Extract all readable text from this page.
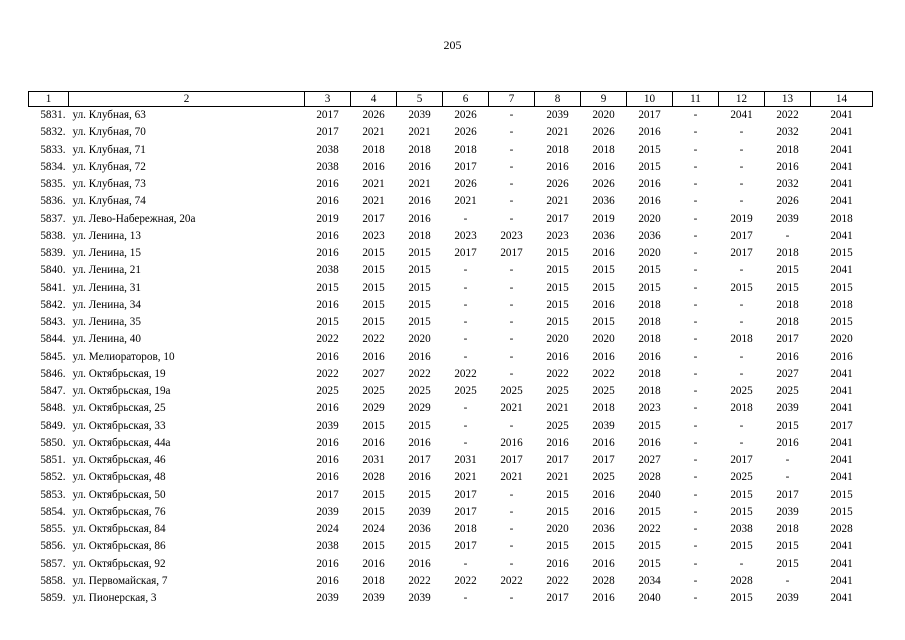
205
1	2	3	4	5	6	7	8	9	10	11	12	13	14
5831.	ул. Клубная, 63	2017	2026	2039	2026	-	2039	2020	2017	-	2041	2022	2041
5832.	ул. Клубная, 70	2017	2021	2021	2026	-	2021	2026	2016	-	-	2032	2041
5833.	ул. Клубная, 71	2038	2018	2018	2018	-	2018	2018	2015	-	-	2018	2041
5834.	ул. Клубная, 72	2038	2016	2016	2017	-	2016	2016	2015	-	-	2016	2041
5835.	ул. Клубная, 73	2016	2021	2021	2026	-	2026	2026	2016	-	-	2032	2041
5836.	ул. Клубная, 74	2016	2021	2016	2021	-	2021	2036	2016	-	-	2026	2041
5837.	ул. Лево-Набережная, 20а	2019	2017	2016	-	-	2017	2019	2020	-	2019	2039	2018
5838.	ул. Ленина, 13	2016	2023	2018	2023	2023	2023	2036	2036	-	2017	-	2041
5839.	ул. Ленина, 15	2016	2015	2015	2017	2017	2015	2016	2020	-	2017	2018	2015
5840.	ул. Ленина, 21	2038	2015	2015	-	-	2015	2015	2015	-	-	2015	2041
5841.	ул. Ленина, 31	2015	2015	2015	-	-	2015	2015	2015	-	2015	2015	2015
5842.	ул. Ленина, 34	2016	2015	2015	-	-	2015	2016	2018	-	-	2018	2018
5843.	ул. Ленина, 35	2015	2015	2015	-	-	2015	2015	2018	-	-	2018	2015
5844.	ул. Ленина, 40	2022	2022	2020	-	-	2020	2020	2018	-	2018	2017	2020
5845.	ул. Мелиораторов, 10	2016	2016	2016	-	-	2016	2016	2016	-	-	2016	2016
5846.	ул. Октябрьская, 19	2022	2027	2022	2022	-	2022	2022	2018	-	-	2027	2041
5847.	ул. Октябрьская, 19а	2025	2025	2025	2025	2025	2025	2025	2018	-	2025	2025	2041
5848.	ул. Октябрьская, 25	2016	2029	2029	-	2021	2021	2018	2023	-	2018	2039	2041
5849.	ул. Октябрьская, 33	2039	2015	2015	-	-	2025	2039	2015	-	-	2015	2017
5850.	ул. Октябрьская, 44а	2016	2016	2016	-	2016	2016	2016	2016	-	-	2016	2041
5851.	ул. Октябрьская, 46	2016	2031	2017	2031	2017	2017	2017	2027	-	2017	-	2041
5852.	ул. Октябрьская, 48	2016	2028	2016	2021	2021	2021	2025	2028	-	2025	-	2041
5853.	ул. Октябрьская, 50	2017	2015	2015	2017	-	2015	2016	2040	-	2015	2017	2015
5854.	ул. Октябрьская, 76	2039	2015	2039	2017	-	2015	2016	2015	-	2015	2039	2015
5855.	ул. Октябрьская, 84	2024	2024	2036	2018	-	2020	2036	2022	-	2038	2018	2028
5856.	ул. Октябрьская, 86	2038	2015	2015	2017	-	2015	2015	2015	-	2015	2015	2041
5857.	ул. Октябрьская, 92	2016	2016	2016	-	-	2016	2016	2015	-	-	2015	2041
5858.	ул. Первомайская, 7	2016	2018	2022	2022	2022	2022	2028	2034	-	2028	-	2041
5859.	ул. Пионерская, 3	2039	2039	2039	-	-	2017	2016	2040	-	2015	2039	2041
